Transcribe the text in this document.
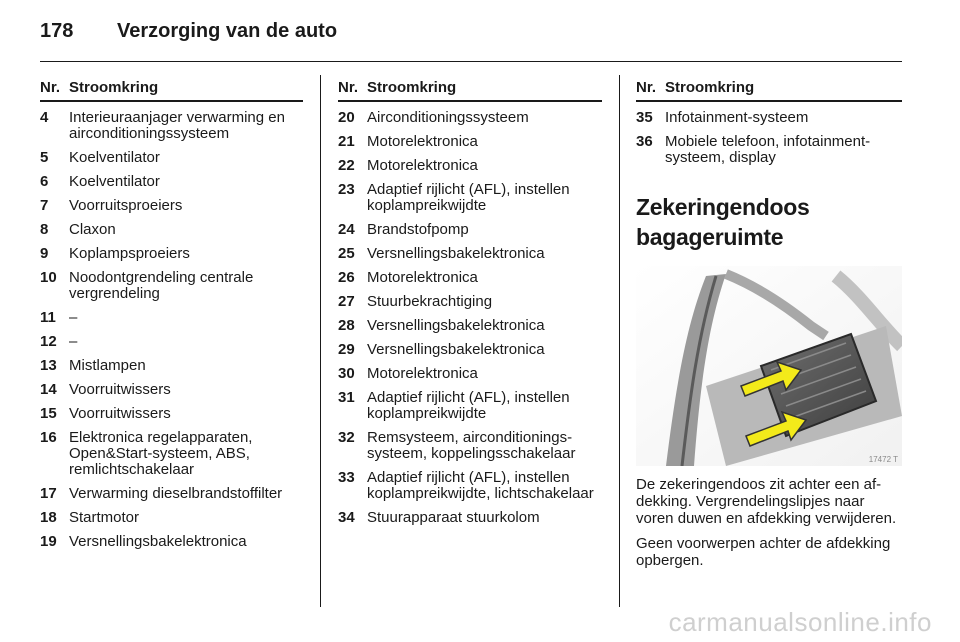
178 Verzorging van de auto
Nr. Stroomkring
4	Interieuraanjager verwarming en airconditioningssysteem
5	Koelventilator
6	Koelventilator
7	Voorruitsproeiers
8	Claxon
9	Koplampsproeiers
10 Noodontgrendeling centrale vergrendeling
11 –
12 –
13 Mistlampen
14 Voorruitwissers
15 Voorruitwissers
16 Elektronica regelapparaten, Open&Start-systeem, ABS, remlichtschakelaar
17 Verwarming dieselbrandstoffilter
18 Startmotor
19 Versnellingsbakelektronica
Nr. Stroomkring
20 Airconditioningssysteem
21 Motorelektronica
22 Motorelektronica
23 Adaptief rijlicht (AFL), instellen koplampreikwijdte
24 Brandstofpomp
25 Versnellingsbakelektronica
26 Motorelektronica
27 Stuurbekrachtiging
28 Versnellingsbakelektronica
29 Versnellingsbakelektronica
30 Motorelektronica
31 Adaptief rijlicht (AFL), instellen koplampreikwijdte
32 Remsysteem, airconditioningssysteem, koppelingsschakelaar
33 Adaptief rijlicht (AFL), instellen koplampreikwijdte, lichtschakelaar
34 Stuurapparaat stuurkolom
Nr. Stroomkring
35 Infotainment-systeem
36 Mobiele telefoon, infotainmentsysteem, display
Zekeringendoos
bagageruimte
17472 T
De zekeringendoos zit achter een afdekking. Vergrendelingslipjes naar voren duwen en afdekking verwijderen.
Geen voorwerpen achter de afdekking opbergen.
carmanualsonline.info
